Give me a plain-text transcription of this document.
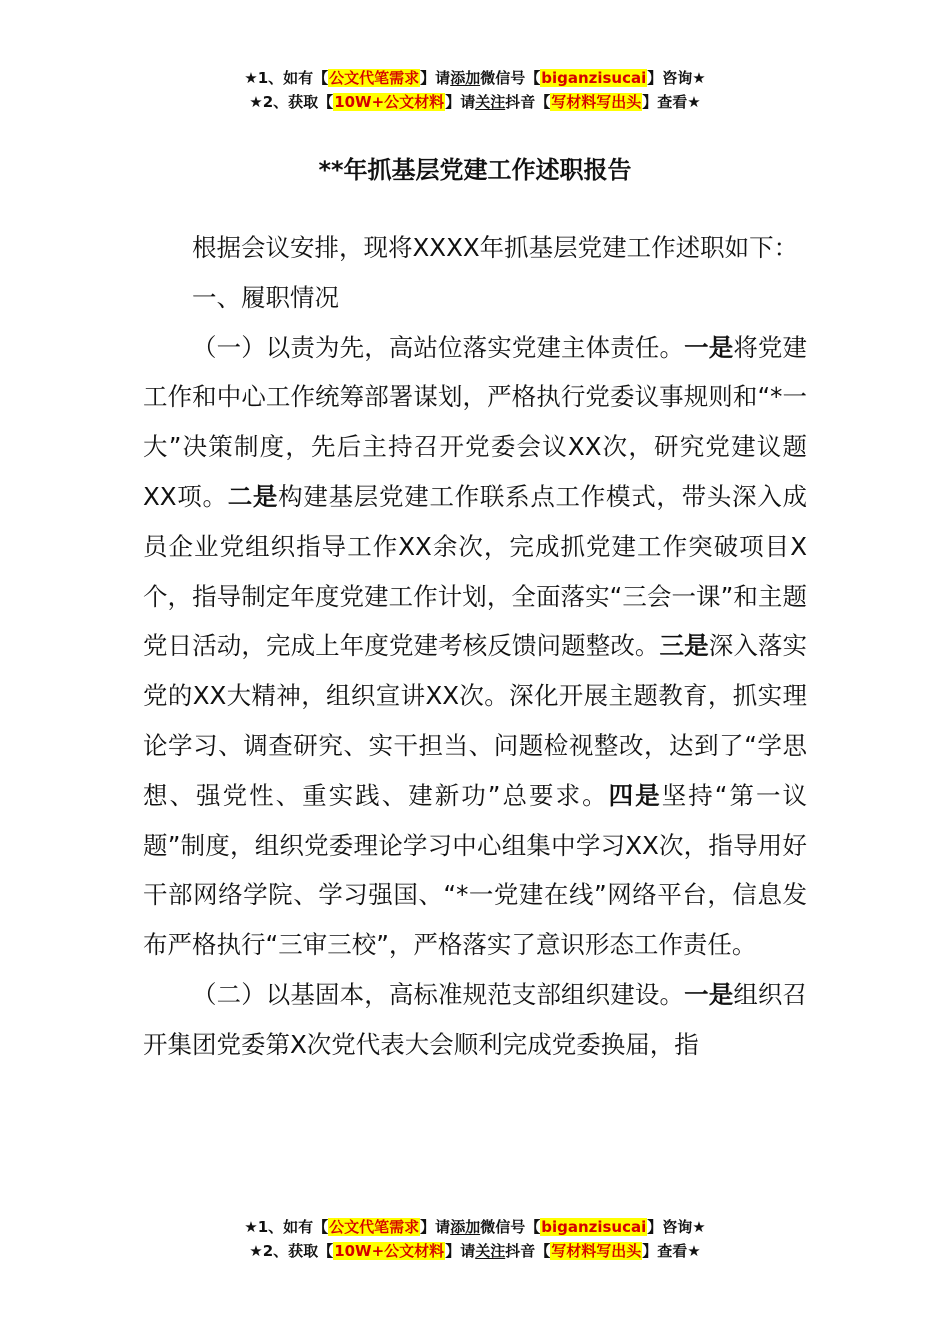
★1、如有【公文代笔需求】请添加微信号【biganzisucai】咨询★
★2、获取【10W+公文材料】请关注抖音【写材料写出头】查看★
**年抓基层党建工作述职报告

根据会议安排，现将XXXX年抓基层党建工作述职如下：

一、履职情况

（一）以责为先，高站位落实党建主体责任。一是将党建工作和中心工作统筹部署谋划，严格执行党委议事规则和“*一大”决策制度，先后主持召开党委会议XX次，研究党建议题XX项。二是构建基层党建工作联系点工作模式，带头深入成员企业党组织指导工作XX余次，完成抓党建工作突破项目X个，指导制定年度党建工作计划，全面落实“三会一课”和主题党日活动，完成上年度党建考核反馈问题整改。三是深入落实党的XX大精神，组织宣讲XX次。深化开展主题教育，抓实理论学习、调查研究、实干担当、问题检视整改，达到了“学思想、强党性、重实践、建新功”总要求。四是坚持“第一议题”制度，组织党委理论学习中心组集中学习XX次，指导用好干部网络学院、学习强国、“*一党建在线”网络平台，信息发布严格执行“三审三校”，严格落实了意识形态工作责任。

（二）以基固本，高标准规范支部组织建设。一是组织召开集团党委第X次党代表大会顺利完成党委换届，指

★1、如有【公文代笔需求】请添加微信号【biganzisucai】咨询★
★2、获取【10W+公文材料】请关注抖音【写材料写出头】查看★
